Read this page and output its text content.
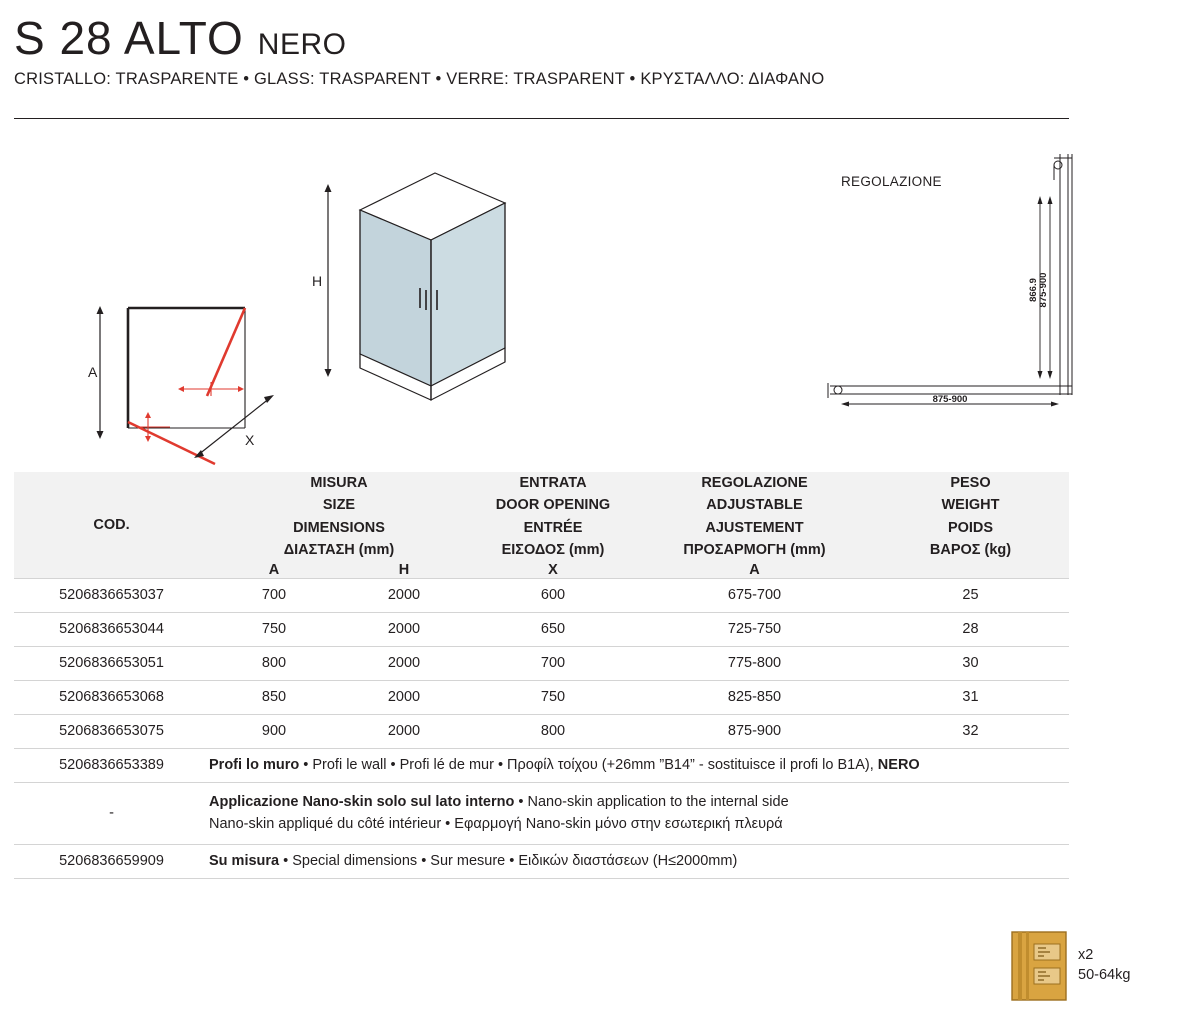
S 28 ALTO NERO
CRISTALLO: TRASPARENTE • GLASS: TRASPARENT • VERRE: TRASPARENT • ΚΡΥΣΤΑΛΛΟ: ΔΙΑΦΑΝΟ
A
X
H
REGOLAZIONE
875-900
866.9
875-900
COD.	
MISURA
SIZE
DIMENSIONS
ΔΙΑΣΤΑΣΗ (mm)

ENTRATA
DOOR OPENING
ENTRÉE
ΕΙΣΟΔΟΣ (mm)

REGOLAZIONE
ADJUSTABLE
AJUSTEMENT
ΠΡΟΣΑΡΜΟΓΗ (mm)

PESO
WEIGHT
POIDS
ΒΑΡΟΣ (kg)

	A	H	X	A	
5206836653037	700	2000	600	675-700	25
5206836653044	750	2000	650	725-750	28
5206836653051	800	2000	700	775-800	30
5206836653068	850	2000	750	825-850	31
5206836653075	900	2000	800	875-900	32
5206836653389	Profi lo muro • Profi le wall • Profi lé de mur • Προφίλ τοίχου (+26mm ”B14” - sostituisce il profi lo B1A), NERO				
-	Applicazione Nano-skin solo sul lato interno • Nano-skin application to the internal side
Nano-skin appliqué du côté intérieur • Εφαρμογή Nano-skin μόνο στην εσωτερική πλευρά				

5206836659909	Su misura • Special dimensions • Sur mesure • Ειδικών διαστάσεων (H≤2000mm)				
x2
50-64kg
